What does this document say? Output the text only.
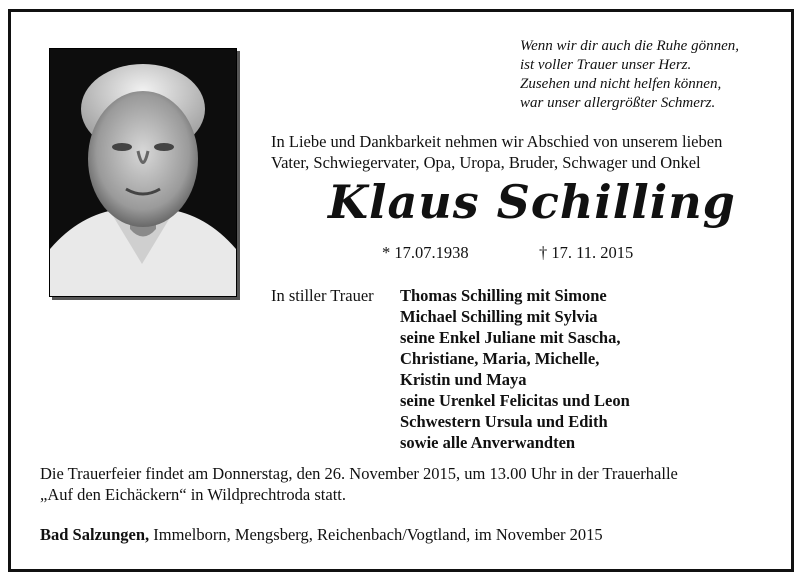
Wenn wir dir auch die Ruhe gönnen,
ist voller Trauer unser Herz.
Zusehen und nicht helfen können,
war unser allergrößter Schmerz.
In Liebe und Dankbarkeit nehmen wir Abschied von unserem lieben
Vater, Schwiegervater, Opa, Uropa, Bruder, Schwager und Onkel
Klaus Schilling
* 17.07.1938	† 17. 11. 2015
In stiller Trauer Thomas Schilling mit Simone
Michael Schilling mit Sylvia
seine Enkel Juliane mit Sascha,
Christiane, Maria, Michelle,
Kristin und Maya
seine Urenkel Felicitas und Leon
Schwestern Ursula und Edith
sowie alle Anverwandten
Die Trauerfeier findet am Donnerstag, den 26. November 2015, um 13.00 Uhr in der Trauerhalle
„Auf den Eichäckern“ in Wildprechtroda statt.
Bad Salzungen, Immelborn, Mengsberg, Reichenbach/Vogtland, im November 2015
